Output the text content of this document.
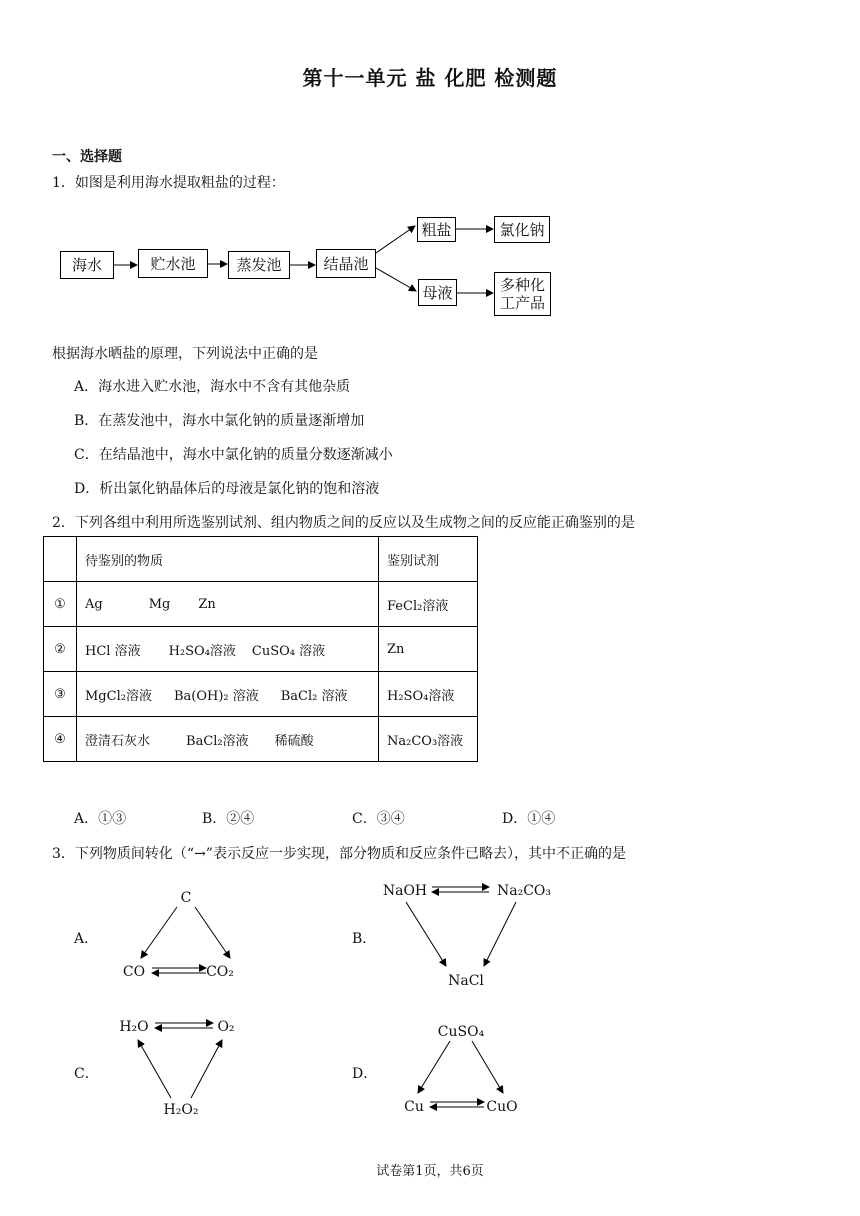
第十一单元 盐 化肥 检测题
一、选择题
1．如图是利用海水提取粗盐的过程：
海水	贮水池	蒸发池	结晶池
粗盐	氯化钠
母液	多种化
工产品
根据海水晒盐的原理，下列说法中正确的是
A．海水进入贮水池，海水中不含有其他杂质
B．在蒸发池中，海水中氯化钠的质量逐渐增加
C．在结晶池中，海水中氯化钠的质量分数逐渐减小
D．析出氯化钠晶体后的母液是氯化钠的饱和溶液
2．下列各组中利用所选鉴别试剂、组内物质之间的反应以及生成物之间的反应能正确鉴别的是
	待鉴别的物质	鉴别试剂
①	Ag Mg Zn	FeCl₂溶液
②	HCl 溶液 H₂SO₄溶液 CuSO₄ 溶液	Zn
③	MgCl₂溶液 Ba(OH)₂ 溶液 BaCl₂ 溶液	H₂SO₄溶液
④	澄清石灰水 BaCl₂溶液 稀硫酸	Na₂CO₃溶液
A．①③	B．②④	C．③④	D．①④
3．下列物质间转化（“→”表示反应一步实现，部分物质和反应条件已略去），其中不正确的是
A．	B．
C．	D．
C
CO	CO₂
NaOH	Na₂CO₃
NaCl
H₂O	O₂
H₂O₂
CuSO₄
Cu	CuO
试卷第1页，共6页
